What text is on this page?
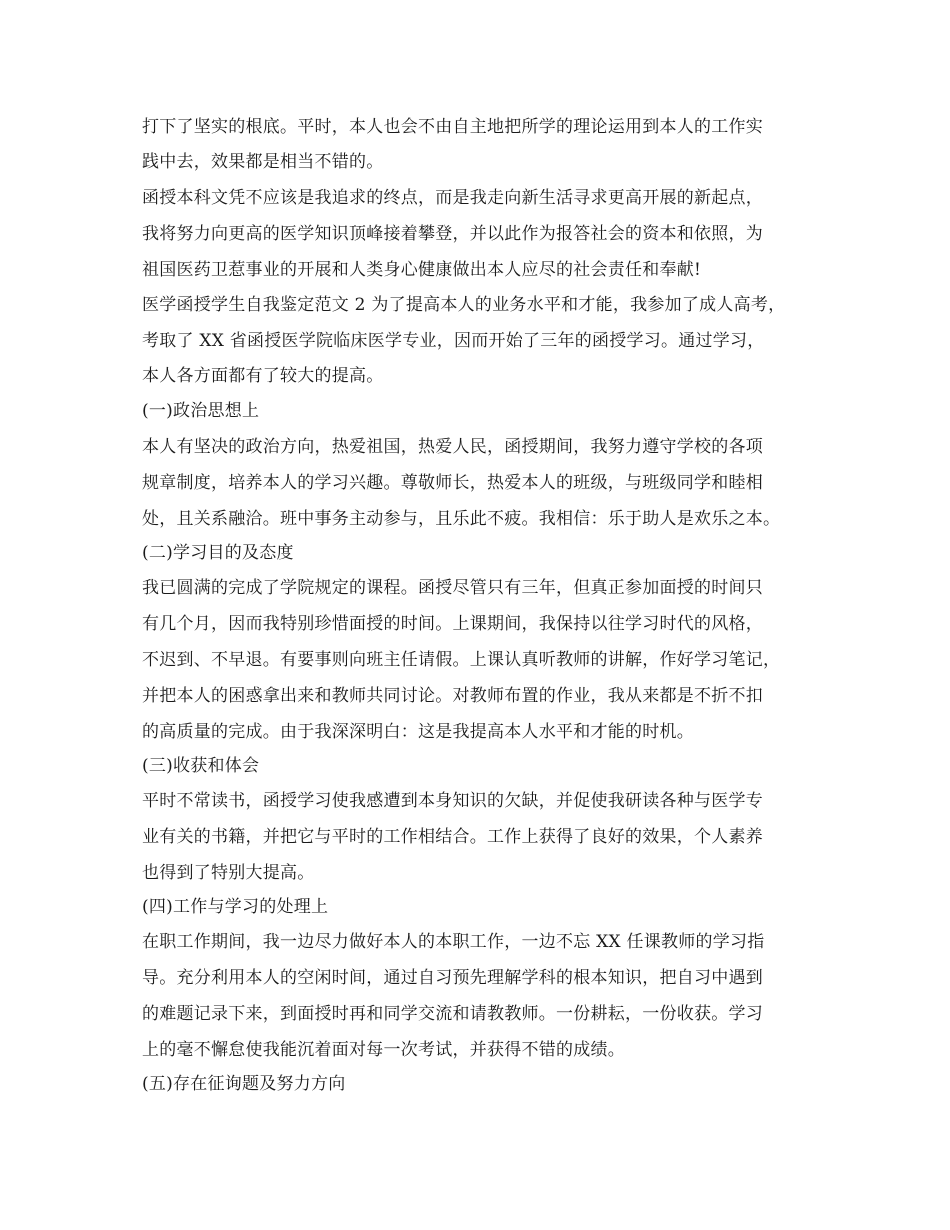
打下了坚实的根底。平时，本人也会不由自主地把所学的理论运用到本人的工作实
践中去，效果都是相当不错的。
函授本科文凭不应该是我追求的终点，而是我走向新生活寻求更高开展的新起点，
我将努力向更高的医学知识顶峰接着攀登，并以此作为报答社会的资本和依照，为
祖国医药卫惹事业的开展和人类身心健康做出本人应尽的社会责任和奉献!
医学函授学生自我鉴定范文 2 为了提高本人的业务水平和才能，我参加了成人高考，
考取了 XX 省函授医学院临床医学专业，因而开始了三年的函授学习。通过学习，
本人各方面都有了较大的提高。
(一)政治思想上
本人有坚决的政治方向，热爱祖国，热爱人民，函授期间，我努力遵守学校的各项
规章制度，培养本人的学习兴趣。尊敬师长，热爱本人的班级，与班级同学和睦相
处，且关系融洽。班中事务主动参与，且乐此不疲。我相信：乐于助人是欢乐之本。
(二)学习目的及态度
我已圆满的完成了学院规定的课程。函授尽管只有三年，但真正参加面授的时间只
有几个月，因而我特别珍惜面授的时间。上课期间，我保持以往学习时代的风格，
不迟到、不早退。有要事则向班主任请假。上课认真听教师的讲解，作好学习笔记，
并把本人的困惑拿出来和教师共同讨论。对教师布置的作业，我从来都是不折不扣
的高质量的完成。由于我深深明白：这是我提高本人水平和才能的时机。
(三)收获和体会
平时不常读书，函授学习使我感遭到本身知识的欠缺，并促使我研读各种与医学专
业有关的书籍，并把它与平时的工作相结合。工作上获得了良好的效果，个人素养
也得到了特别大提高。
(四)工作与学习的处理上
在职工作期间，我一边尽力做好本人的本职工作，一边不忘 XX 任课教师的学习指
导。充分利用本人的空闲时间，通过自习预先理解学科的根本知识，把自习中遇到
的难题记录下来，到面授时再和同学交流和请教教师。一份耕耘，一份收获。学习
上的毫不懈怠使我能沉着面对每一次考试，并获得不错的成绩。
(五)存在征询题及努力方向
